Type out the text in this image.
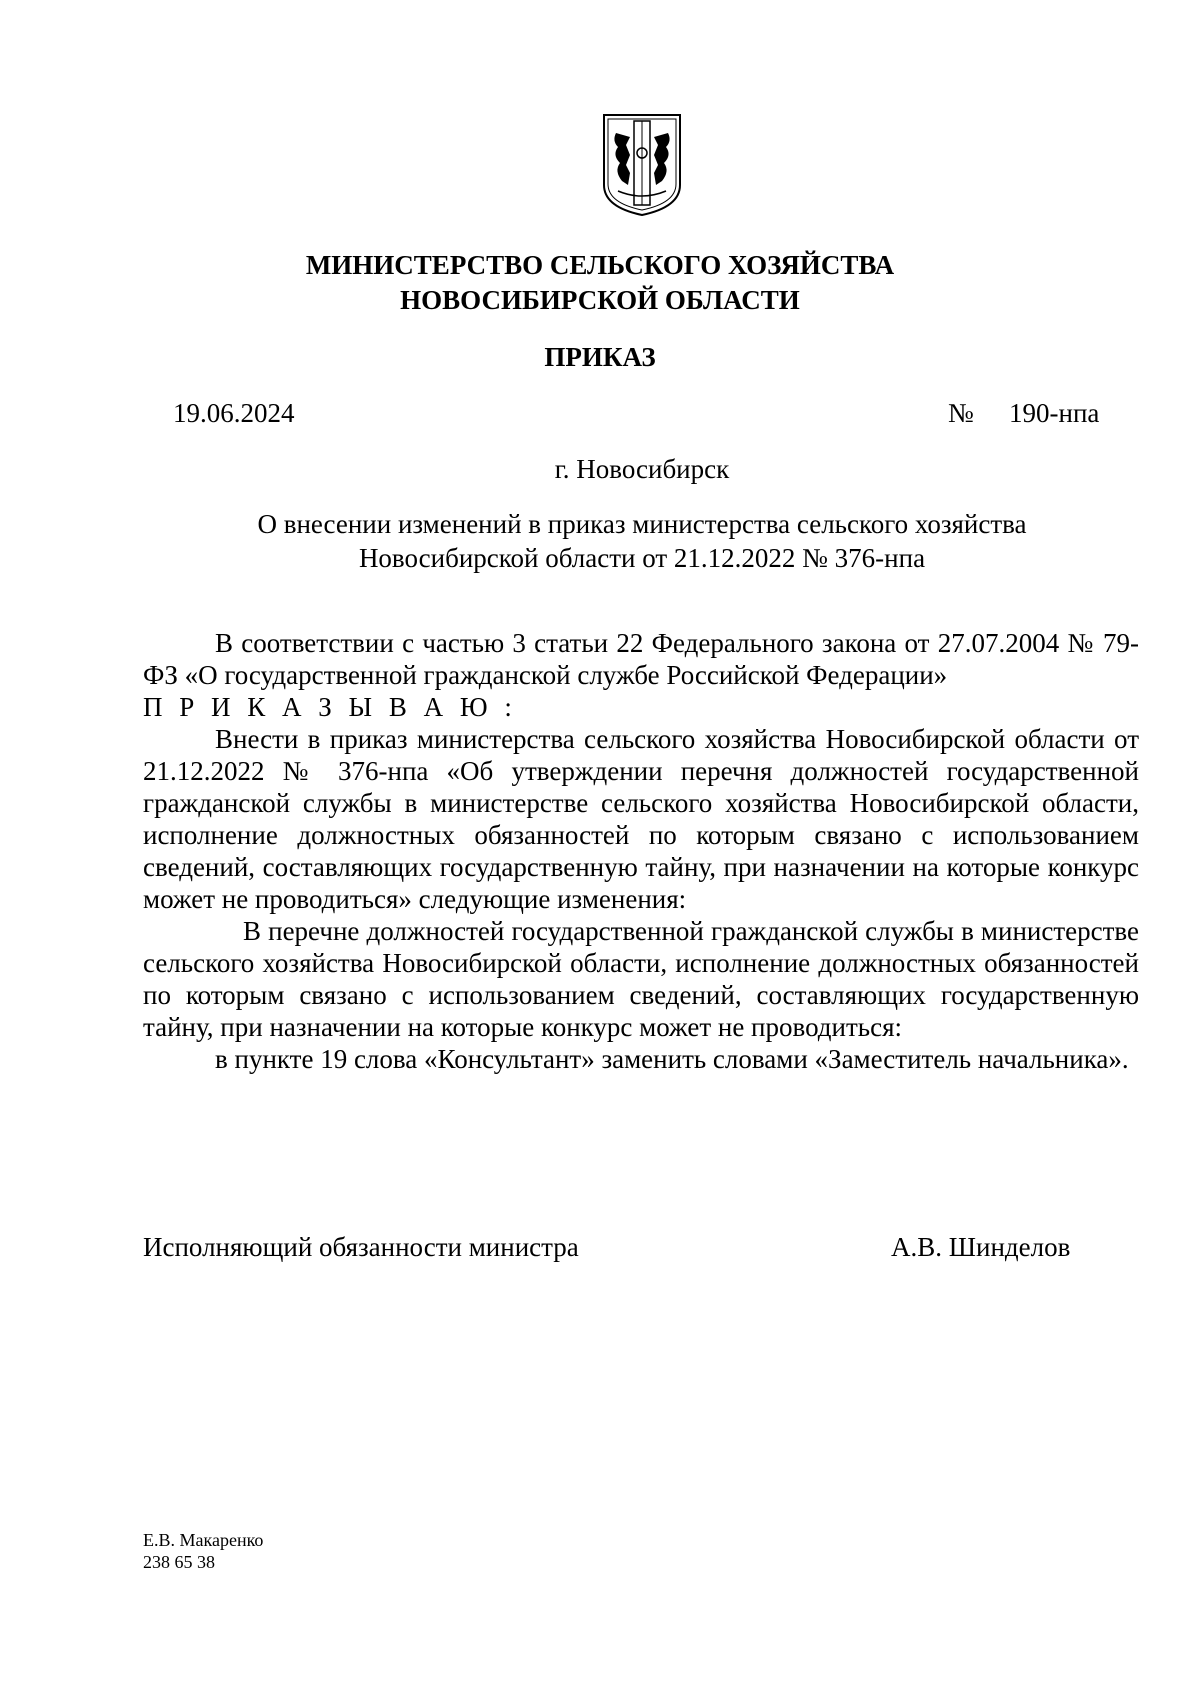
МИНИСТЕРСТВО СЕЛЬСКОГО ХОЗЯЙСТВА
НОВОСИБИРСКОЙ ОБЛАСТИ
ПРИКАЗ
19.06.2024	№ 190-нпа
г. Новосибирск
О внесении изменений в приказ министерства сельского хозяйства
Новосибирской области от 21.12.2022 № 376-нпа

В соответствии с частью 3 статьи 22 Федерального закона от 27.07.2004 № 79-ФЗ «О государственной гражданской службе Российской Федерации»

П Р И К А З Ы В А Ю :

Внести в приказ министерства сельского хозяйства Новосибирской области от 21.12.2022 № 376-нпа «Об утверждении перечня должностей государственной гражданской службы в министерстве сельского хозяйства Новосибирской области, исполнение должностных обязанностей по которым связано с использованием сведений, составляющих государственную тайну, при назначении на которые конкурс может не проводиться» следующие изменения:

В перечне должностей государственной гражданской службы в министерстве сельского хозяйства Новосибирской области, исполнение должностных обязанностей по которым связано с использованием сведений, составляющих государственную тайну, при назначении на которые конкурс может не проводиться:

в пункте 19 слова «Консультант» заменить словами «Заместитель начальника».

Исполняющий обязанности министра	А.В. Шинделов
Е.В. Макаренко
238 65 38
